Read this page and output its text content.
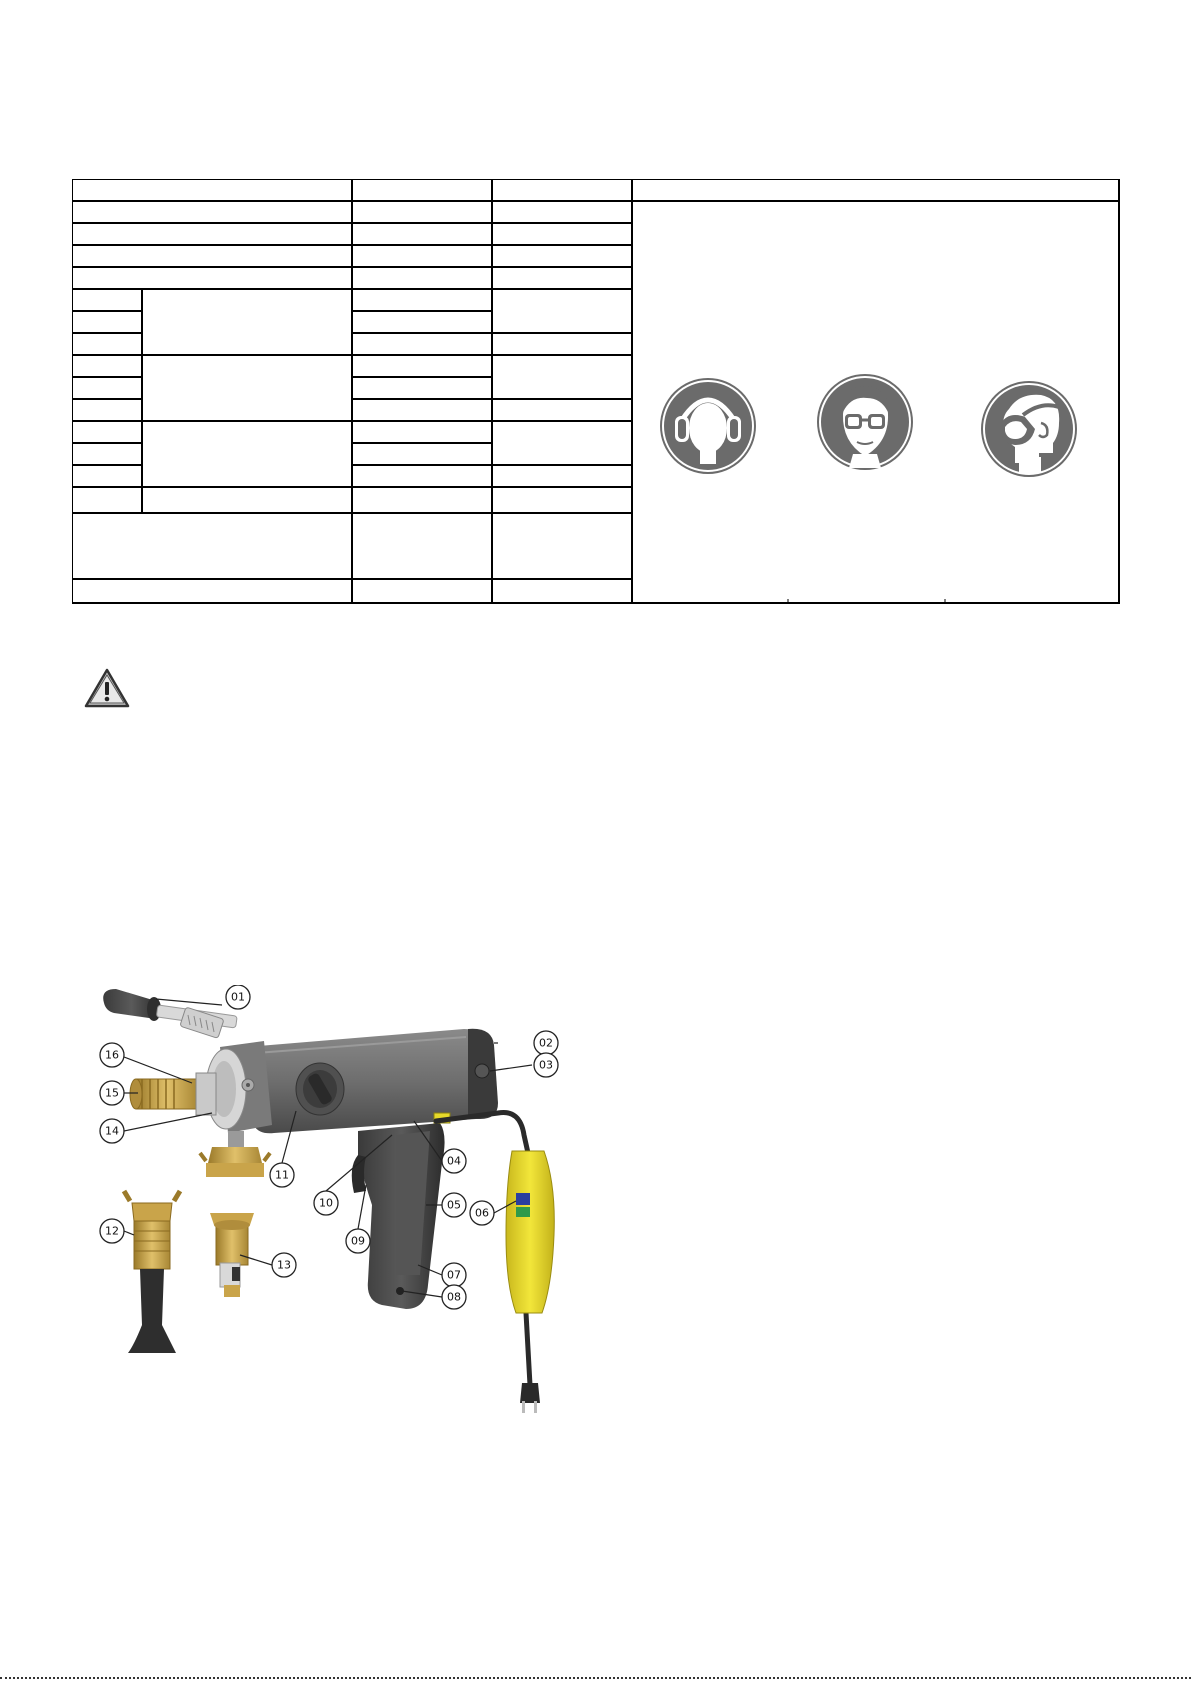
01
02
03
04
05
06
07
08
09
10
11
12
13
14
15
16
